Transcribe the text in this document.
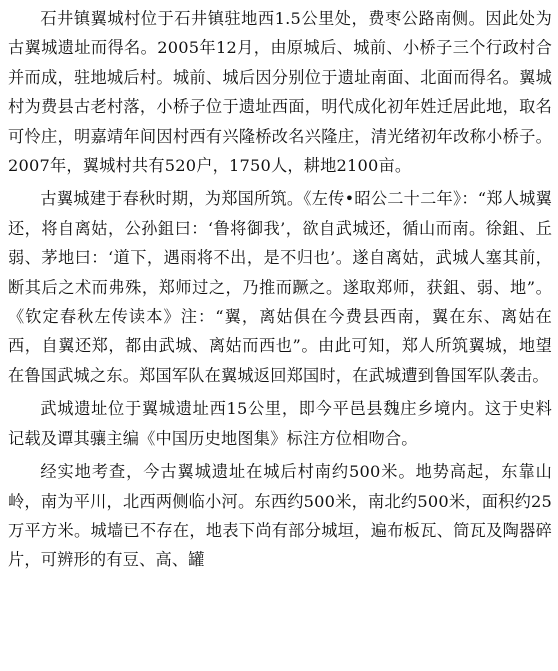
石井镇翼城村位于石井镇驻地西1.5公里处，费枣公路南侧。因此处为古翼城遗址而得名。2005年12月，由原城后、城前、小桥子三个行政村合并而成，驻地城后村。城前、城后因分别位于遗址南面、北面而得名。翼城村为费县古老村落，小桥子位于遗址西面，明代成化初年姓迁居此地，取名可怜庄，明嘉靖年间因村西有兴隆桥改名兴隆庄，清光绪初年改称小桥子。2007年，翼城村共有520户，1750人，耕地2100亩。

古翼城建于春秋时期，为郑国所筑。《左传•昭公二十二年》：“郑人城翼还，将自离姑，公孙鉏曰：‘鲁将御我’，欲自武城还，循山而南。徐鉏、丘弱、茅地曰：‘道下，遇雨将不出，是不归也’。遂自离姑，武城人塞其前，断其后之术而弗殊，郑师过之，乃推而蹶之。遂取郑师，获鉏、弱、地”。《钦定春秋左传读本》注：“翼，离姑俱在今费县西南，翼在东、离姑在西，自翼还郑，都由武城、离姑而西也”。由此可知，郑人所筑翼城，地望在鲁国武城之东。郑国军队在翼城返回郑国时，在武城遭到鲁国军队袭击。

武城遗址位于翼城遗址西15公里，即今平邑县魏庄乡境内。这于史料记载及谭其骧主编《中国历史地图集》标注方位相吻合。

经实地考查，今古翼城遗址在城后村南约500米。地势高起，东靠山岭，南为平川，北西两侧临小河。东西约500米，南北约500米，面积约25万平方米。城墙已不存在，地表下尚有部分城垣，遍布板瓦、筒瓦及陶器碎片，可辨形的有豆、高、罐
